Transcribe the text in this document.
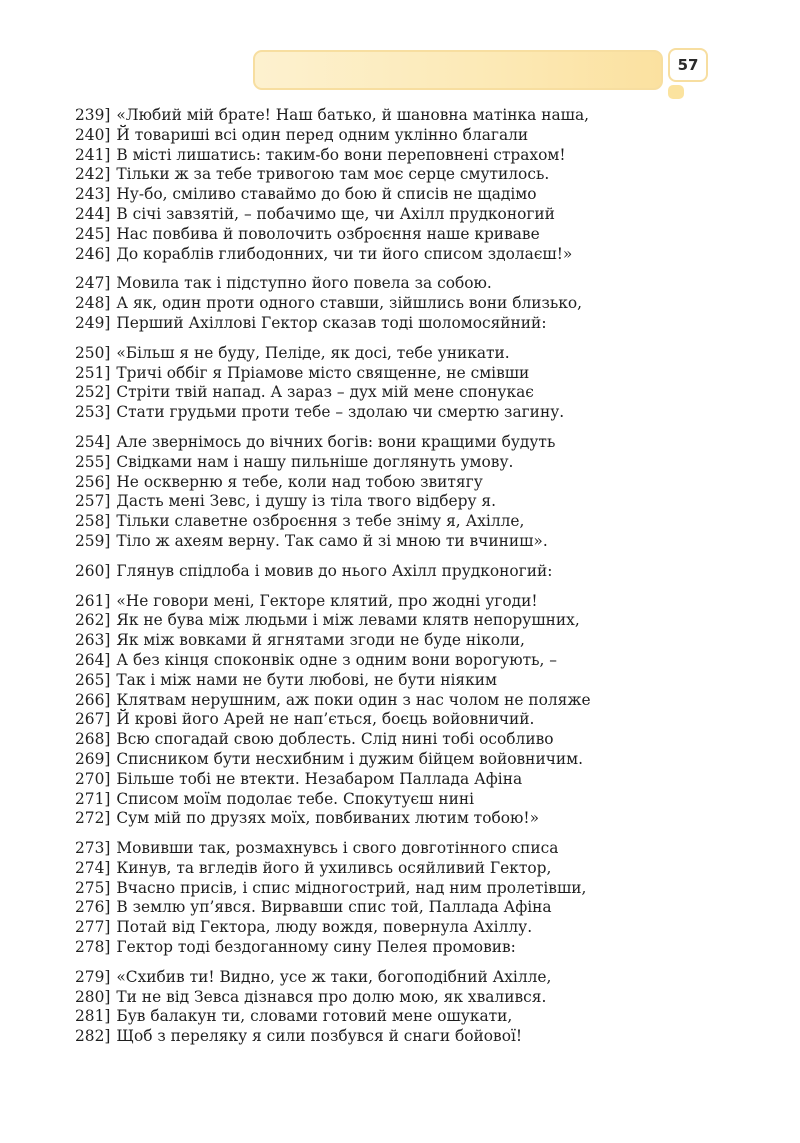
57
239] «Любий мій брате! Наш батько, й шановна матінка наша,
240] Й товариші всі один перед одним уклінно благали
241] В місті лишатись: таким-бо вони переповнені страхом!
242] Тільки ж за тебе тривогою там моє серце смутилось.
243] Ну-бо, сміливо ставаймо до бою й списів не щадімо
244] В січі завзятій, – побачимо ще, чи Ахілл прудконогий
245] Нас повбива й поволочить озброєння наше криваве
246] До кораблів глибодонних, чи ти його списом здолаєш!»
247] Мовила так і підступно його повела за собою.
248] А як, один проти одного ставши, зійшлись вони близько,
249] Перший Ахіллові Гектор сказав тоді шоломосяйний:
250] «Більш я не буду, Пеліде, як досі, тебе уникати.
251] Тричі оббіг я Пріамове місто священне, не смівши
252] Стріти твій напад. А зараз – дух мій мене спонукає
253] Стати грудьми проти тебе – здолаю чи смертю загину.
254] Але звернімось до вічних богів: вони кращими будуть
255] Свідками нам і нашу пильніше доглянуть умову.
256] Не оскверню я тебе, коли над тобою звитягу
257] Дасть мені Зевс, і душу із тіла твого відберу я.
258] Тільки славетне озброєння з тебе зніму я, Ахілле,
259] Тіло ж ахеям верну. Так само й зі мною ти вчиниш».
260] Глянув спідлоба і мовив до нього Ахілл прудконогий:
261] «Не говори мені, Гекторе клятий, про жодні угоди!
262] Як не бува між людьми і між левами клятв непорушних,
263] Як між вовками й ягнятами згоди не буде ніколи,
264] А без кінця споконвік одне з одним вони ворогують, –
265] Так і між нами не бути любові, не бути ніяким
266] Клятвам нерушним, аж поки один з нас чолом не поляже
267] Й крові його Арей не нап’ється, боєць войовничий.
268] Всю спогадай свою доблесть. Слід нині тобі особливо
269] Списником бути несхибним і дужим бійцем войовничим.
270] Більше тобі не втекти. Незабаром Паллада Афіна
271] Списом моїм подолає тебе. Спокутуєш нині
272] Сум мій по друзях моїх, повбиваних лютим тобою!»
273] Мовивши так, розмахнувсь і свого довготінного списа
274] Кинув, та вгледів його й ухиливсь осяйливий Гектор,
275] Вчасно присів, і спис мідногострий, над ним пролетівши,
276] В землю уп’явся. Вирвавши спис той, Паллада Афіна
277] Потай від Гектора, люду вождя, повернула Ахіллу.
278] Гектор тоді бездоганному сину Пелея промовив:
279] «Схибив ти! Видно, усе ж таки, богоподібний Ахілле,
280] Ти не від Зевса дізнався про долю мою, як хвалився.
281] Був балакун ти, словами готовий мене ошукати,
282] Щоб з переляку я сили позбувся й снаги бойової!
